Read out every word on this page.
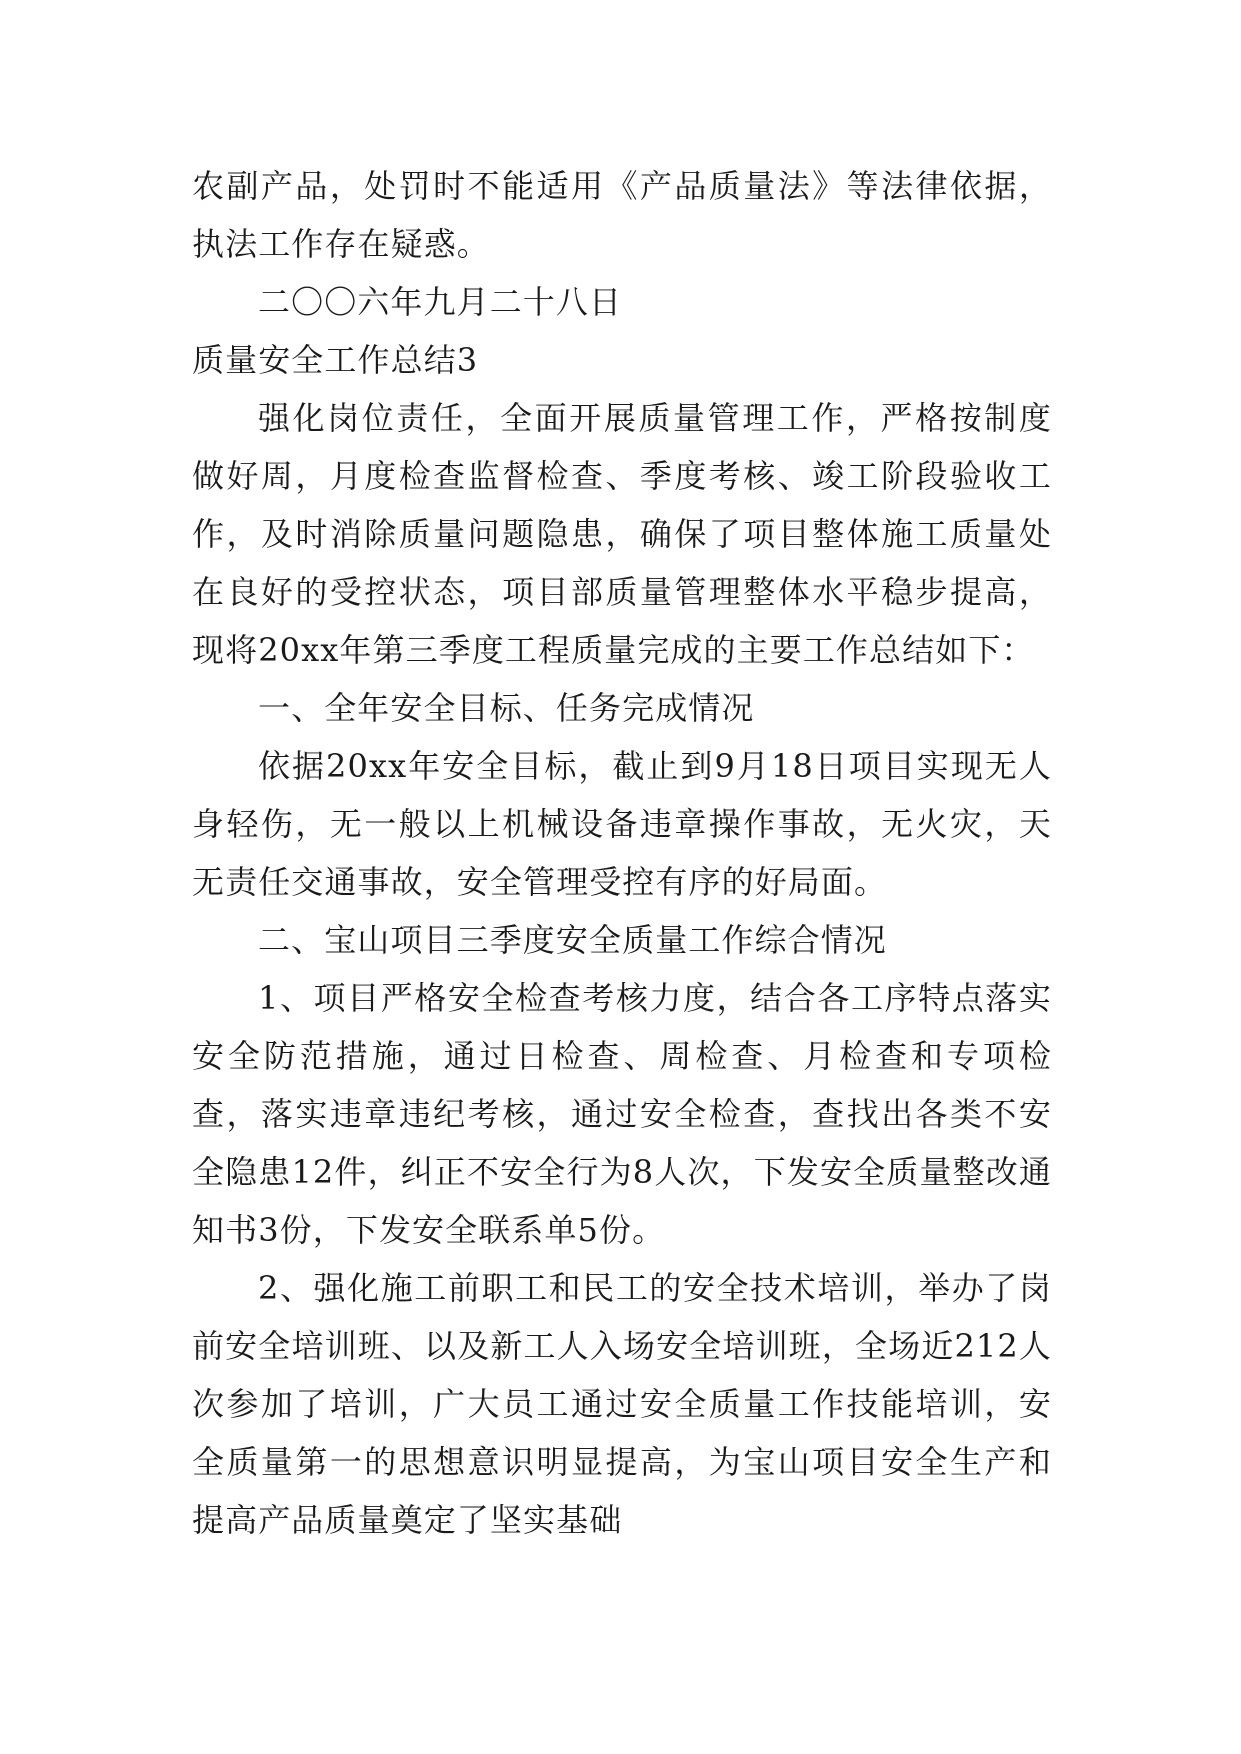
农副产品，处罚时不能适用《产品质量法》等法律依据，执法工作存在疑惑。

二〇〇六年九月二十八日

质量安全工作总结3

强化岗位责任，全面开展质量管理工作，严格按制度做好周，月度检查监督检查、季度考核、竣工阶段验收工作，及时消除质量问题隐患，确保了项目整体施工质量处在良好的受控状态，项目部质量管理整体水平稳步提高，现将20xx年第三季度工程质量完成的主要工作总结如下：

一、全年安全目标、任务完成情况

依据20xx年安全目标，截止到9月18日项目实现无人身轻伤，无一般以上机械设备违章操作事故，无火灾，天无责任交通事故，安全管理受控有序的好局面。

二、宝山项目三季度安全质量工作综合情况

1、项目严格安全检查考核力度，结合各工序特点落实安全防范措施，通过日检查、周检查、月检查和专项检查，落实违章违纪考核，通过安全检查，查找出各类不安全隐患12件，纠正不安全行为8人次，下发安全质量整改通知书3份，下发安全联系单5份。

2、强化施工前职工和民工的安全技术培训，举办了岗前安全培训班、以及新工人入场安全培训班，全场近212人次参加了培训，广大员工通过安全质量工作技能培训，安全质量第一的思想意识明显提高，为宝山项目安全生产和提高产品质量奠定了坚实基础
